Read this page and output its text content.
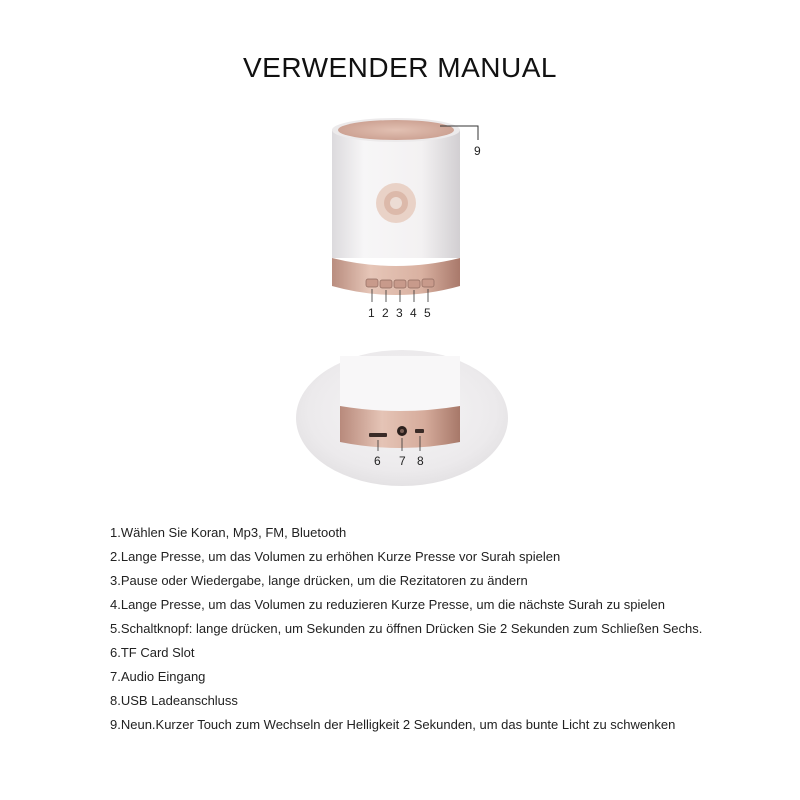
VERWENDER MANUAL
9
1 2 3 4 5
6 7 8
1.Wählen Sie Koran, Mp3, FM, Bluetooth
2.Lange Presse, um das Volumen zu erhöhen Kurze Presse vor Surah spielen
3.Pause oder Wiedergabe, lange drücken, um die Rezitatoren zu ändern
4.Lange Presse, um das Volumen zu reduzieren Kurze Presse, um die nächste Surah zu spielen
5.Schaltknopf: lange drücken, um Sekunden zu öffnen Drücken Sie 2 Sekunden zum Schließen Sechs.
6.TF Card Slot
7.Audio Eingang
8.USB Ladeanschluss
9.Neun.Kurzer Touch zum Wechseln der Helligkeit 2 Sekunden, um das bunte Licht zu schwenken
